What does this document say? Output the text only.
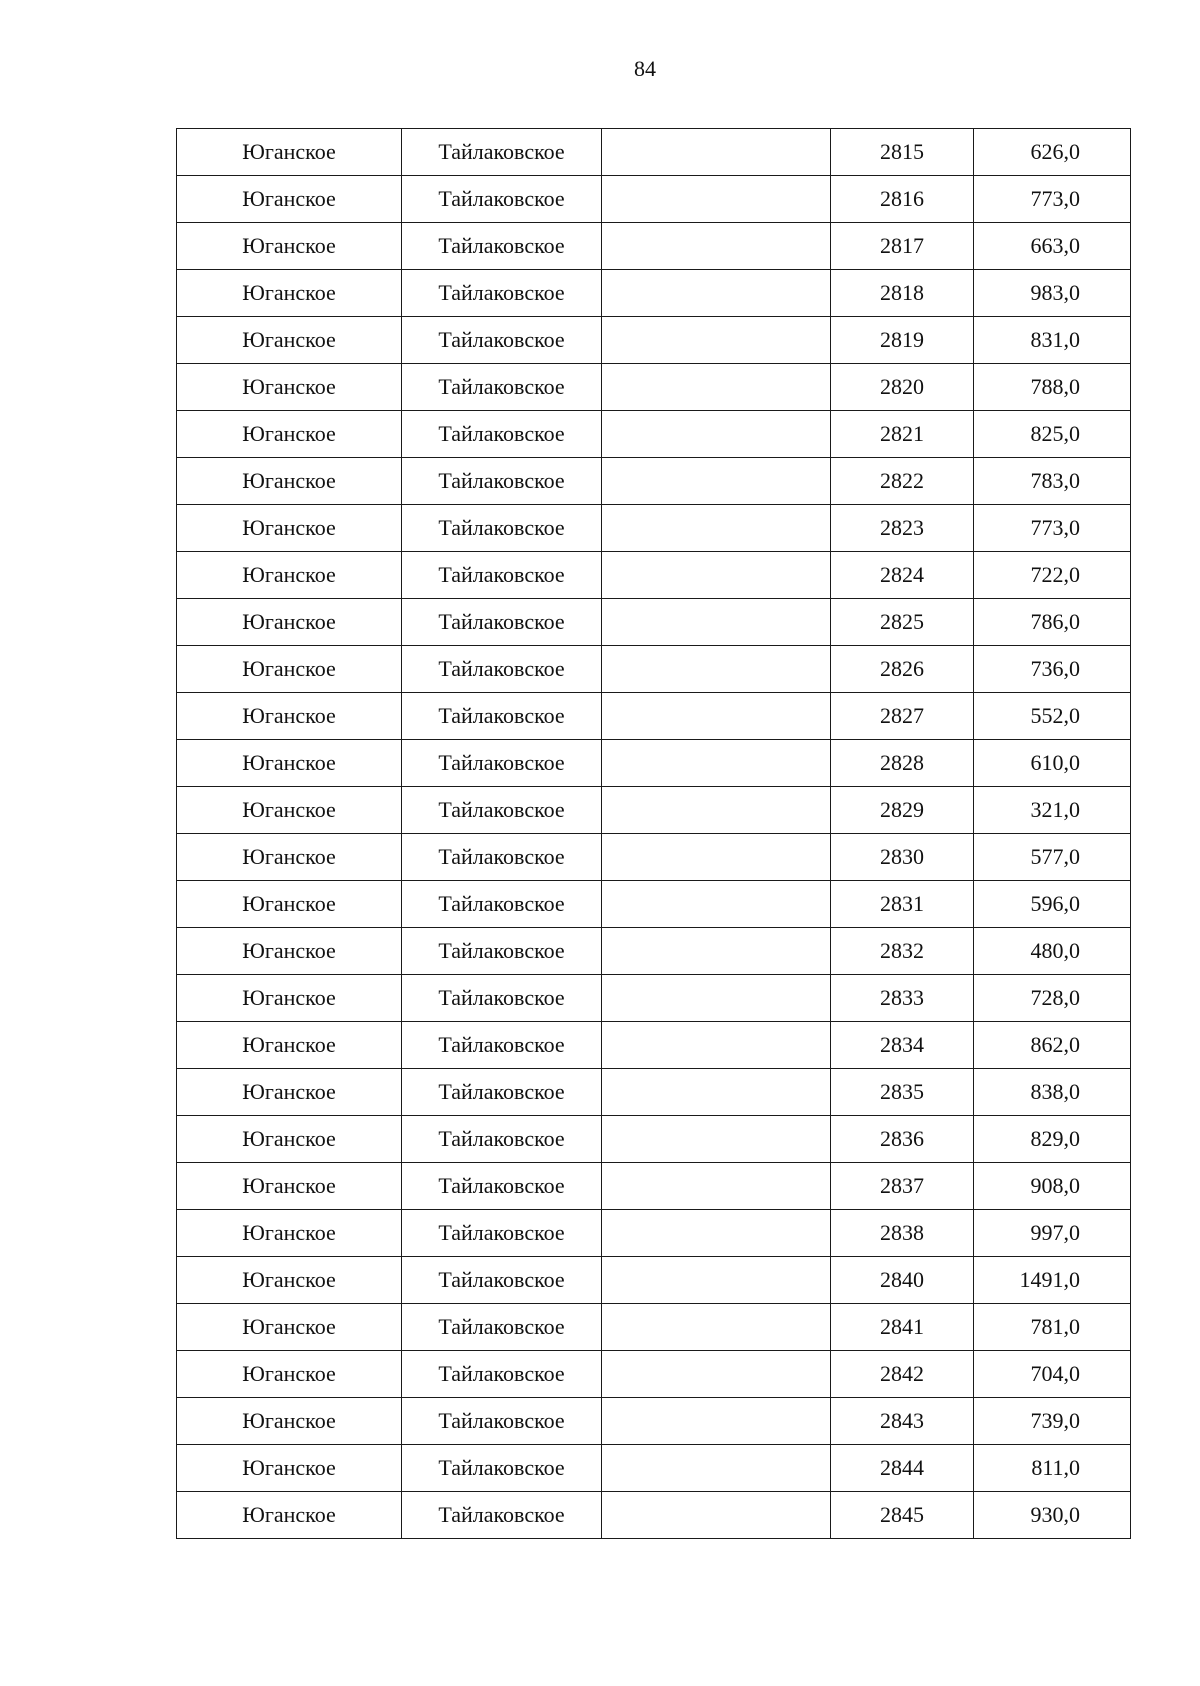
84
Юганское	Тайлаковское		2815	626,0
Юганское	Тайлаковское		2816	773,0
Юганское	Тайлаковское		2817	663,0
Юганское	Тайлаковское		2818	983,0
Юганское	Тайлаковское		2819	831,0
Юганское	Тайлаковское		2820	788,0
Юганское	Тайлаковское		2821	825,0
Юганское	Тайлаковское		2822	783,0
Юганское	Тайлаковское		2823	773,0
Юганское	Тайлаковское		2824	722,0
Юганское	Тайлаковское		2825	786,0
Юганское	Тайлаковское		2826	736,0
Юганское	Тайлаковское		2827	552,0
Юганское	Тайлаковское		2828	610,0
Юганское	Тайлаковское		2829	321,0
Юганское	Тайлаковское		2830	577,0
Юганское	Тайлаковское		2831	596,0
Юганское	Тайлаковское		2832	480,0
Юганское	Тайлаковское		2833	728,0
Юганское	Тайлаковское		2834	862,0
Юганское	Тайлаковское		2835	838,0
Юганское	Тайлаковское		2836	829,0
Юганское	Тайлаковское		2837	908,0
Юганское	Тайлаковское		2838	997,0
Юганское	Тайлаковское		2840	1491,0
Юганское	Тайлаковское		2841	781,0
Юганское	Тайлаковское		2842	704,0
Юганское	Тайлаковское		2843	739,0
Юганское	Тайлаковское		2844	811,0
Юганское	Тайлаковское		2845	930,0
